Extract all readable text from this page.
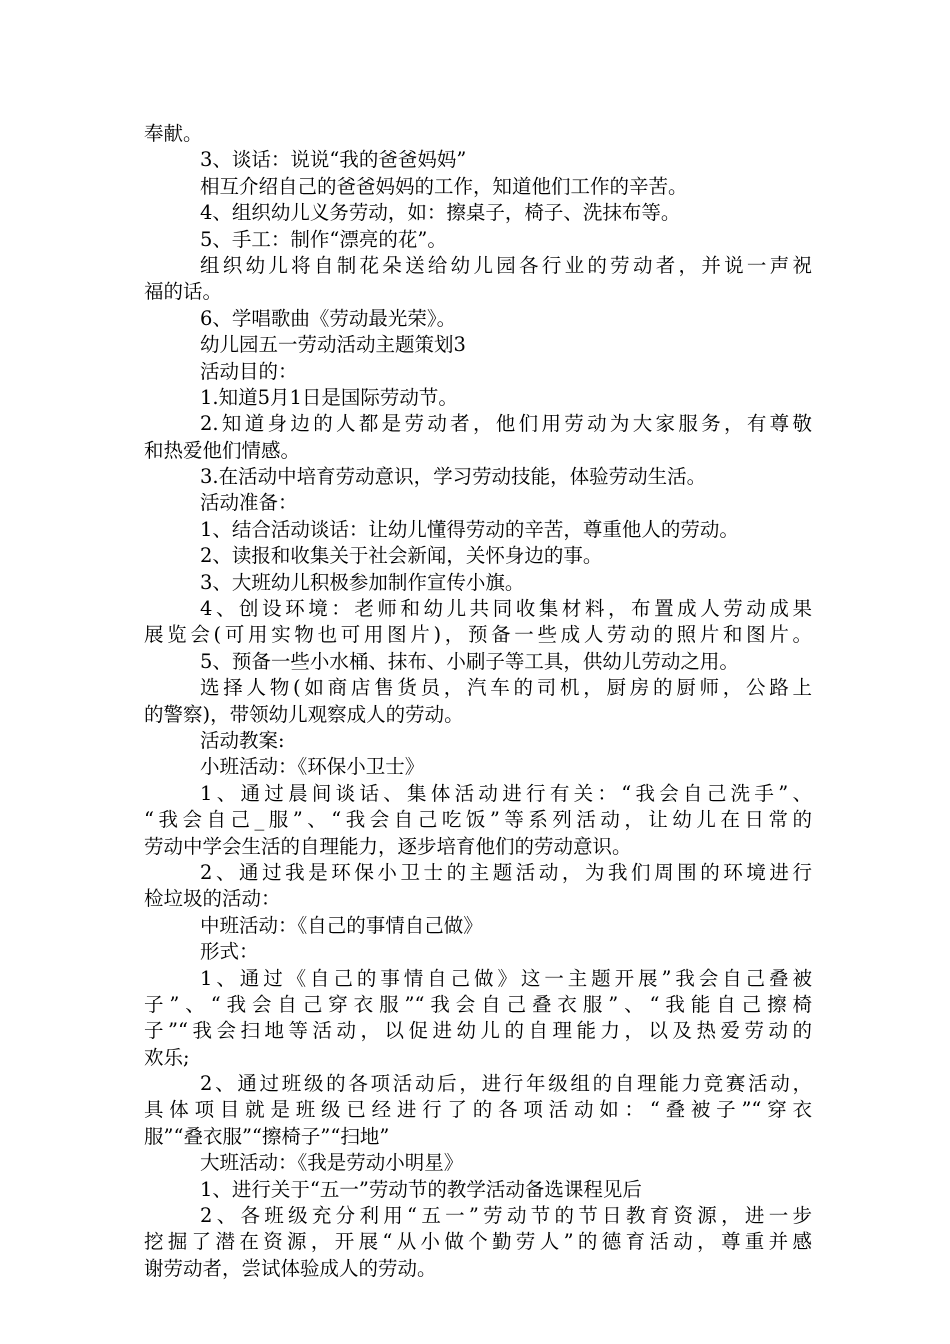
奉献。
3、谈话：说说“我的爸爸妈妈”
相互介绍自己的爸爸妈妈的工作，知道他们工作的辛苦。
4、组织幼儿义务劳动，如：擦桌子，椅子、洗抹布等。
5、手工：制作“漂亮的花”。
组织幼儿将自制花朵送给幼儿园各行业的劳动者，并说一声祝
福的话。
6、学唱歌曲《劳动最光荣》。
幼儿园五一劳动活动主题策划3
活动目的：
1.知道5月1日是国际劳动节。
2.知道身边的人都是劳动者，他们用劳动为大家服务，有尊敬
和热爱他们情感。
3.在活动中培育劳动意识，学习劳动技能，体验劳动生活。
活动准备：
1、结合活动谈话：让幼儿懂得劳动的辛苦，尊重他人的劳动。
2、读报和收集关于社会新闻，关怀身边的事。
3、大班幼儿积极参加制作宣传小旗。
4、创设环境：老师和幼儿共同收集材料，布置成人劳动成果
展览会(可用实物也可用图片)，预备一些成人劳动的照片和图片。
5、预备一些小水桶、抹布、小刷子等工具，供幼儿劳动之用。
选择人物(如商店售货员，汽车的司机，厨房的厨师，公路上
的警察)，带领幼儿观察成人的劳动。
活动教案:
小班活动：《环保小卫士》
1、通过晨间谈话、集体活动进行有关：“我会自己洗手”、
“我会自己_服”、“我会自己吃饭”等系列活动，让幼儿在日常的
劳动中学会生活的自理能力，逐步培育他们的劳动意识。
2、通过我是环保小卫士的主题活动，为我们周围的环境进行
检垃圾的活动：
中班活动：《自己的事情自己做》
形式：
1、通过《自己的事情自己做》这一主题开展”我会自己叠被
子”、“我会自己穿衣服”“我会自己叠衣服”、“我能自己擦椅
子”“我会扫地等活动，以促进幼儿的自理能力，以及热爱劳动的
欢乐;
2、通过班级的各项活动后，进行年级组的自理能力竞赛活动，
具体项目就是班级已经进行了的各项活动如：“叠被子”“穿衣
服”“叠衣服”“擦椅子”“扫地”
大班活动：《我是劳动小明星》
1、进行关于“五一”劳动节的教学活动备选课程见后
2、各班级充分利用“五一”劳动节的节日教育资源，进一步
挖掘了潜在资源，开展“从小做个勤劳人”的德育活动，尊重并感
谢劳动者，尝试体验成人的劳动。
